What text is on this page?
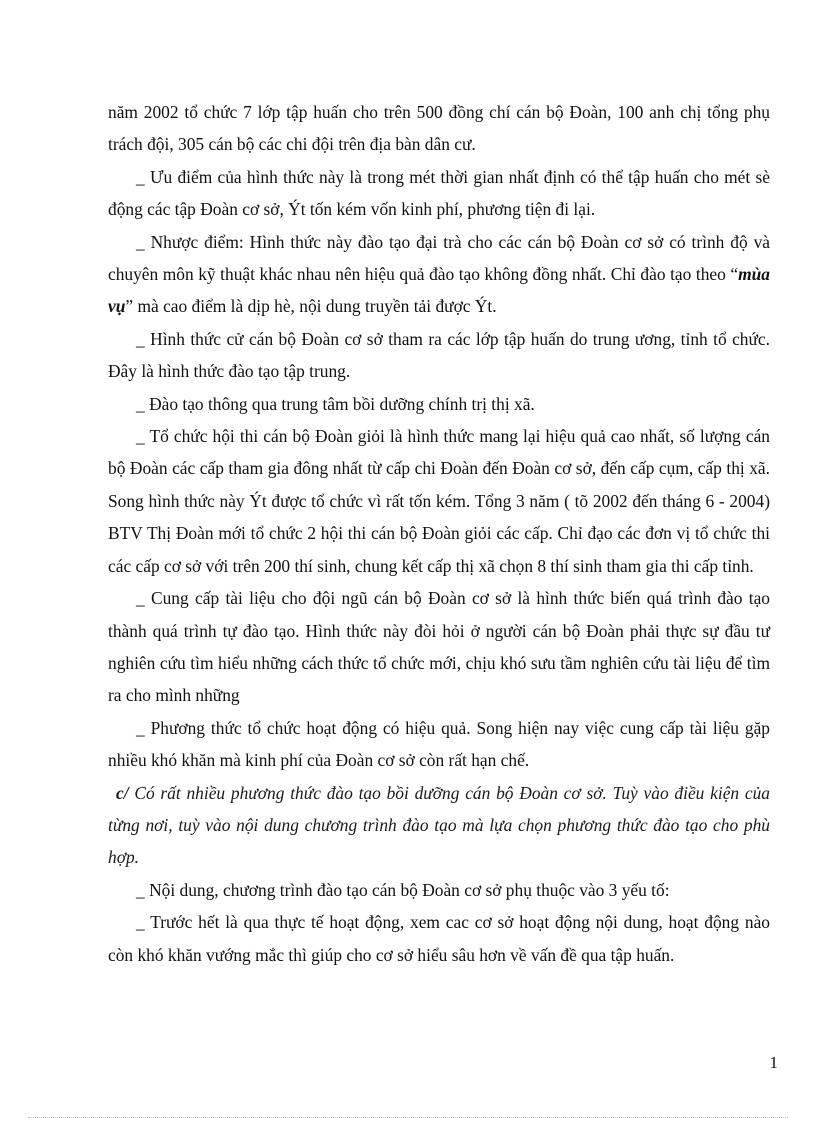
năm 2002 tổ chức 7 lớp tập huấn cho trên 500 đồng chí cán bộ Đoàn, 100 anh chị tổng phụ trách đội, 305 cán bộ các chi đội trên địa bàn dân cư.

_ Ưu điểm của hình thức này là trong mét thời gian nhất định có thể tập huấn cho mét sè động các tập Đoàn cơ sở, Ýt tốn kém vốn kinh phí, phương tiện đi lại.

_ Nhược điểm: Hình thức này đào tạo đại trà cho các cán bộ Đoàn cơ sở có trình độ và chuyên môn kỹ thuật khác nhau nên hiệu quả đào tạo không đồng nhất. Chỉ đào tạo theo “mùa vụ” mà cao điểm là dịp hè, nội dung truyền tải được Ýt.

_ Hình thức cử cán bộ Đoàn cơ sở tham ra các lớp tập huấn do trung ương, tỉnh tổ chức. Đây là hình thức đào tạo tập trung.

_ Đào tạo thông qua trung tâm bồi dưỡng chính trị thị xã.

_ Tổ chức hội thi cán bộ Đoàn giỏi là hình thức mang lại hiệu quả cao nhất, số lượng cán bộ Đoàn các cấp tham gia đông nhất từ cấp chi Đoàn đến Đoàn cơ sở, đến cấp cụm, cấp thị xã. Song hình thức này Ýt được tổ chức vì rất tốn kém. Tổng 3 năm ( tõ 2002 đến tháng 6 - 2004) BTV Thị Đoàn mới tổ chức 2 hội thi cán bộ Đoàn giỏi các cấp. Chỉ đạo các đơn vị tổ chức thi các cấp cơ sở với trên 200 thí sinh, chung kết cấp thị xã chọn 8 thí sinh tham gia thi cấp tỉnh.

_ Cung cấp tài liệu cho đội ngũ cán bộ Đoàn cơ sở là hình thức biến quá trình đào tạo thành quá trình tự đào tạo. Hình thức này đòi hỏi ở người cán bộ Đoàn phải thực sự đầu tư nghiên cứu tìm hiểu những cách thức tổ chức mới, chịu khó sưu tầm nghiên cứu tài liệu để tìm ra cho mình những

_ Phương thức tổ chức hoạt động có hiệu quả. Song hiện nay việc cung cấp tài liệu gặp nhiều khó khăn mà kinh phí của Đoàn cơ sở còn rất hạn chế.

c/ Có rất nhiều phương thức đào tạo bồi dưỡng cán bộ Đoàn cơ sở. Tuỳ vào điều kiện của từng nơi, tuỳ vào nội dung chương trình đào tạo mà lựa chọn phương thức đào tạo cho phù hợp.

_ Nội dung, chương trình đào tạo cán bộ Đoàn cơ sở phụ thuộc vào 3 yếu tố:

_ Trước hết là qua thực tế hoạt động, xem cac cơ sở hoạt động nội dung, hoạt động nào còn khó khăn vướng mắc thì giúp cho cơ sở hiểu sâu hơn về vấn đề qua tập huấn.

1
